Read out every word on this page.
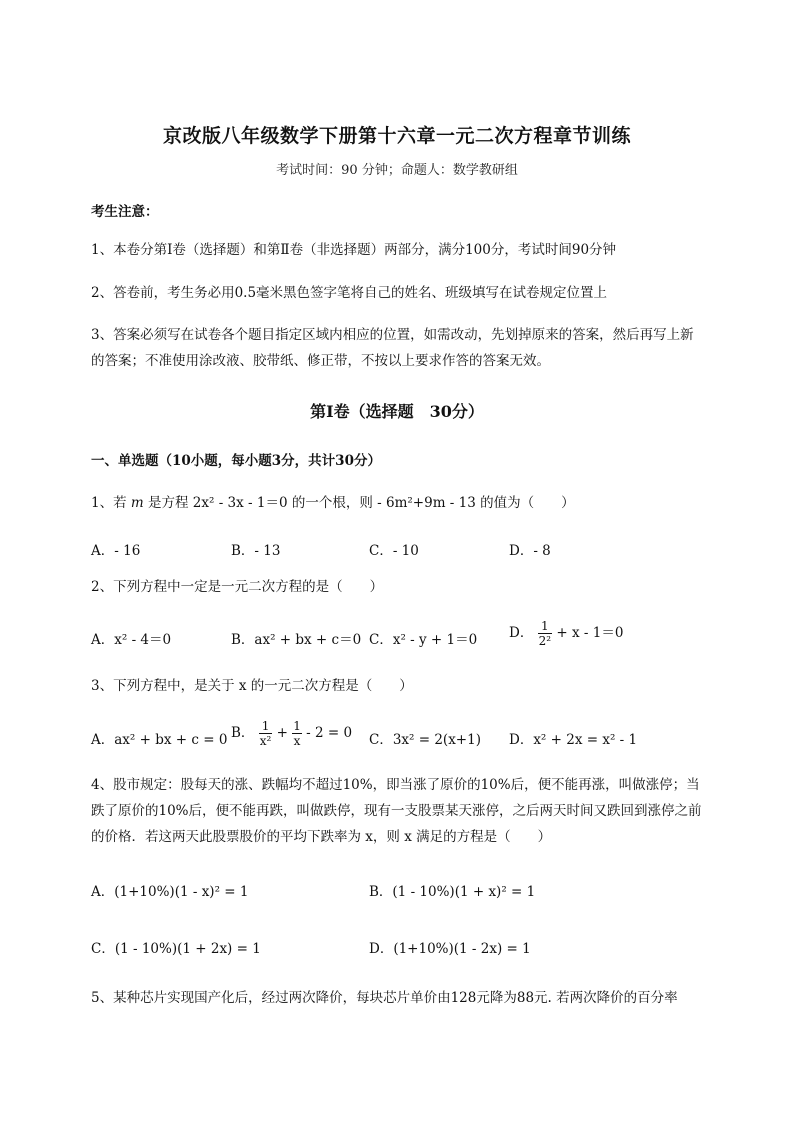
京改版八年级数学下册第十六章一元二次方程章节训练
考试时间：90 分钟；命题人：数学教研组
考生注意：
1、本卷分第Ⅰ卷（选择题）和第Ⅱ卷（非选择题）两部分，满分100分，考试时间90分钟
2、答卷前，考生务必用0.5毫米黑色签字笔将自己的姓名、班级填写在试卷规定位置上
3、答案必须写在试卷各个题目指定区域内相应的位置，如需改动，先划掉原来的答案，然后再写上新的答案；不准使用涂改液、胶带纸、修正带，不按以上要求作答的答案无效。
第Ⅰ卷（选择题　30分）
一、单选题（10小题，每小题3分，共计30分）
1、若 m 是方程 2x² - 3x - 1＝0 的一个根，则 - 6m²+9m - 13 的值为（　　）
A．- 16	B．- 13	C．- 10	D．- 8
2、下列方程中一定是一元二次方程的是（　　）
A．x² - 4＝0	B．ax² + bx + c＝0 C．x² - y + 1＝0 D． $\frac{1}{\text{2²}} + x - 1=0$
3、下列方程中，是关于 x 的一元二次方程是（　　）
A．ax² + bx + c = 0 B． $\frac{1}{\text{x²}} + \frac{1}{x} - 2 = 0$ C．3x² = 2(x+1) D．x² + 2x = x² - 1
4、股市规定：股每天的涨、跌幅均不超过10%，即当涨了原价的10%后，便不能再涨，叫做涨停；当跌了原价的10%后，便不能再跌，叫做跌停，现有一支股票某天涨停，之后两天时间又跌回到涨停之前的价格．若这两天此股票股价的平均下跌率为 x，则 x 满足的方程是（　　）
A．(1+10%)(1 - x)² = 1	B．(1 - 10%)(1 + x)² = 1
C．(1 - 10%)(1 + 2x) = 1	D．(1+10%)(1 - 2x) = 1
5、某种芯片实现国产化后，经过两次降价，每块芯片单价由128元降为88元. 若两次降价的百分率
